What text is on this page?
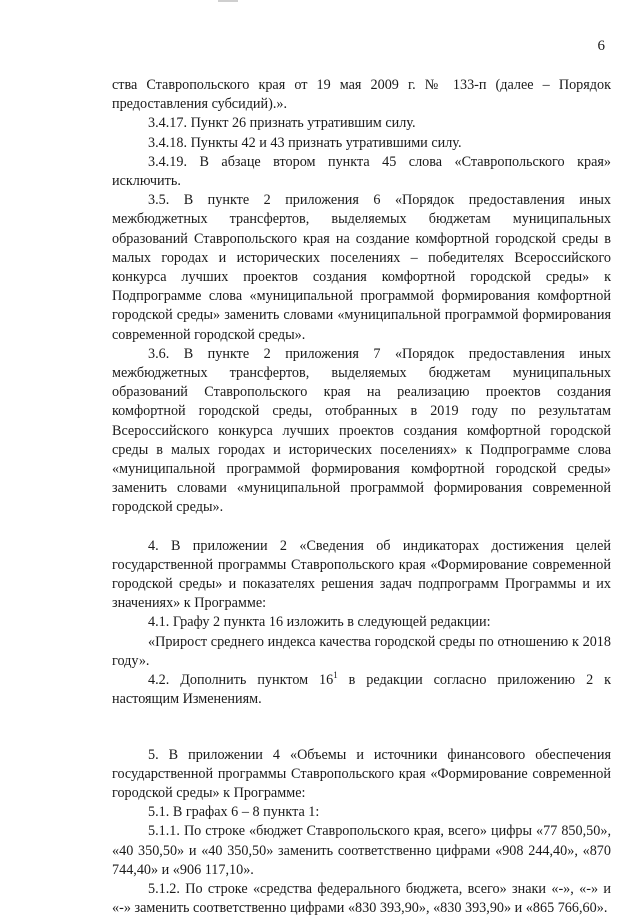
6

ства Ставропольского края от 19 мая 2009 г. № 133-п (далее – Порядок предоставления субсидий).».

3.4.17. Пункт 26 признать утратившим силу.

3.4.18. Пункты 42 и 43 признать утратившими силу.

3.4.19. В абзаце втором пункта 45 слова «Ставропольского края» исключить.

3.5. В пункте 2 приложения 6 «Порядок предоставления иных межбюджетных трансфертов, выделяемых бюджетам муниципальных образований Ставропольского края на создание комфортной городской среды в малых городах и исторических поселениях – победителях Всероссийского конкурса лучших проектов создания комфортной городской среды» к Подпрограмме слова «муниципальной программой формирования комфортной городской среды» заменить словами «муниципальной программой формирования современной городской среды».

3.6. В пункте 2 приложения 7 «Порядок предоставления иных межбюджетных трансфертов, выделяемых бюджетам муниципальных образований Ставропольского края на реализацию проектов создания комфортной городской среды, отобранных в 2019 году по результатам Всероссийского конкурса лучших проектов создания комфортной городской среды в малых городах и исторических поселениях» к Подпрограмме слова «муниципальной программой формирования комфортной городской среды» заменить словами «муниципальной программой формирования современной городской среды».

4. В приложении 2 «Сведения об индикаторах достижения целей государственной программы Ставропольского края «Формирование современной городской среды» и показателях решения задач подпрограмм Программы и их значениях» к Программе:

4.1. Графу 2 пункта 16 изложить в следующей редакции:

«Прирост среднего индекса качества городской среды по отношению к 2018 году».

4.2. Дополнить пунктом $16^1$ в редакции согласно приложению 2 к настоящим Изменениям.

5. В приложении 4 «Объемы и источники финансового обеспечения государственной программы Ставропольского края «Формирование современной городской среды» к Программе:

5.1. В графах 6 – 8 пункта 1:

5.1.1. По строке «бюджет Ставропольского края, всего» цифры «77 850,50», «40 350,50» и «40 350,50» заменить соответственно цифрами «908 244,40», «870 744,40» и «906 117,10».

5.1.2. По строке «средства федерального бюджета, всего» знаки «-», «-» и «-» заменить соответственно цифрами «830 393,90», «830 393,90» и «865 766,60».
